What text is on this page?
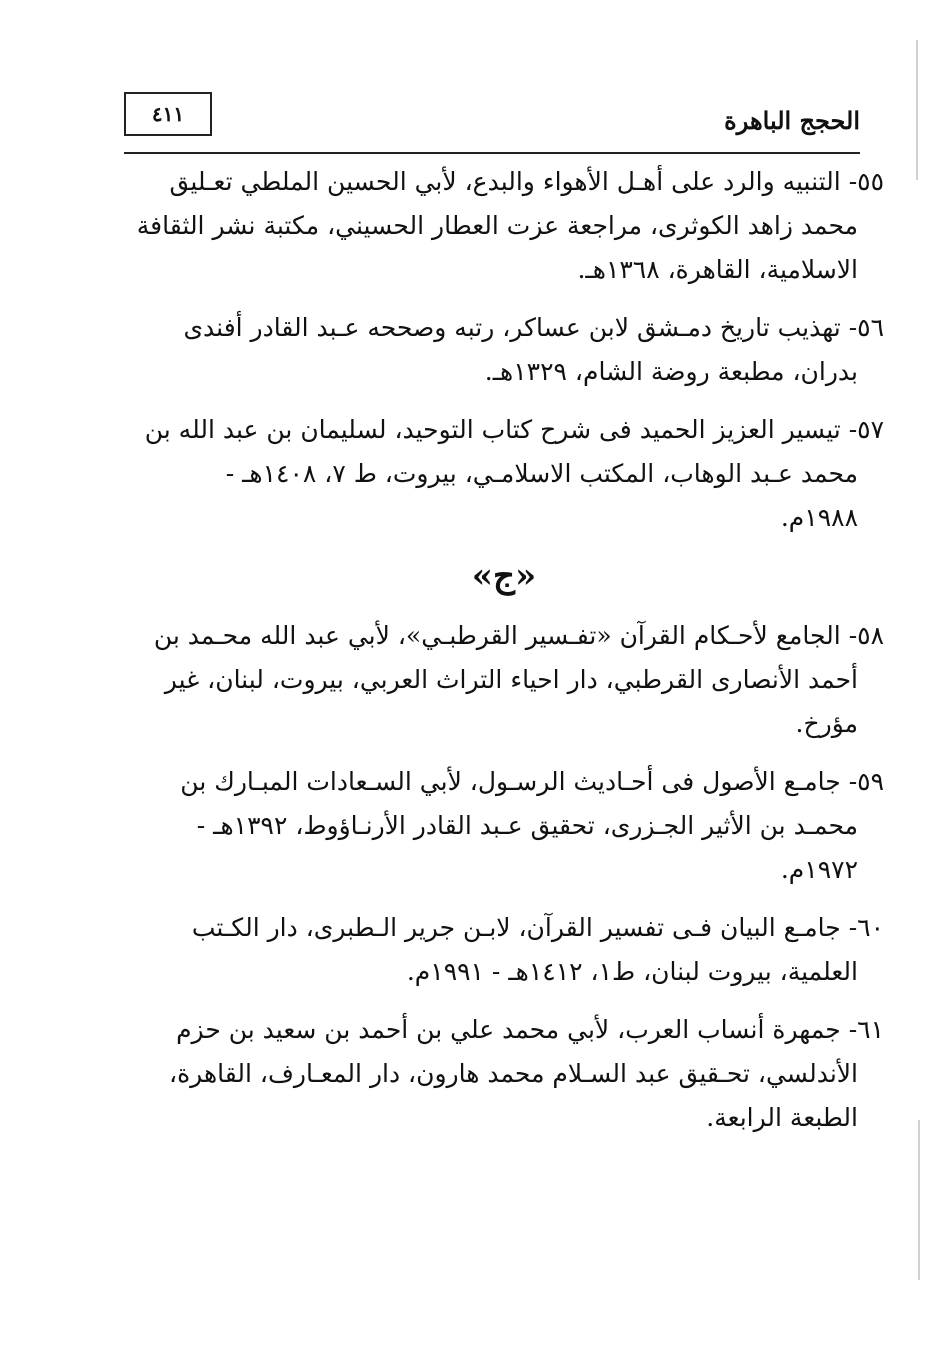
الحجج الباهرة
٤١١
٥٥- التنبيه والرد على أهـل الأهواء والبدع، لأبي الحسين الملطي تعـليق
محمد زاهد الكوثرى، مراجعة عزت العطار الحسيني، مكتبة نشر الثقافة
الاسلامية، القاهرة، ١٣٦٨هـ.
٥٦- تهذيب تاريخ دمـشق لابن عساكر، رتبه وصححه عـبد القادر أفندى
بدران، مطبعة روضة الشام، ١٣٢٩هـ.
٥٧- تيسير العزيز الحميد فى شرح كتاب التوحيد، لسليمان بن عبد الله بن
محمد عـبد الوهاب، المكتب الاسلامـي، بيروت، ط ٧، ١٤٠٨هـ -
١٩٨٨م.
«ج»
٥٨- الجامع لأحـكام القرآن «تفـسير القرطبـي»، لأبي عبد الله محـمد بن
أحمد الأنصارى القرطبي، دار احياء التراث العربي، بيروت، لبنان، غير
مؤرخ.
٥٩- جامـع الأصول فى أحـاديث الرسـول، لأبي السـعادات المبـارك بن
محمـد بن الأثير الجـزرى، تحقيق عـبد القادر الأرنـاؤوط، ١٣٩٢هـ -
١٩٧٢م.
٦٠- جامـع البيان فـى تفسير القرآن، لابـن جرير الـطبرى، دار الكـتب
العلمية، بيروت لبنان، ط١، ١٤١٢هـ - ١٩٩١م.
٦١- جمهرة أنساب العرب، لأبي محمد علي بن أحمد بن سعيد بن حزم
الأندلسي، تحـقيق عبد السـلام محمد هارون، دار المعـارف، القاهرة،
الطبعة الرابعة.
